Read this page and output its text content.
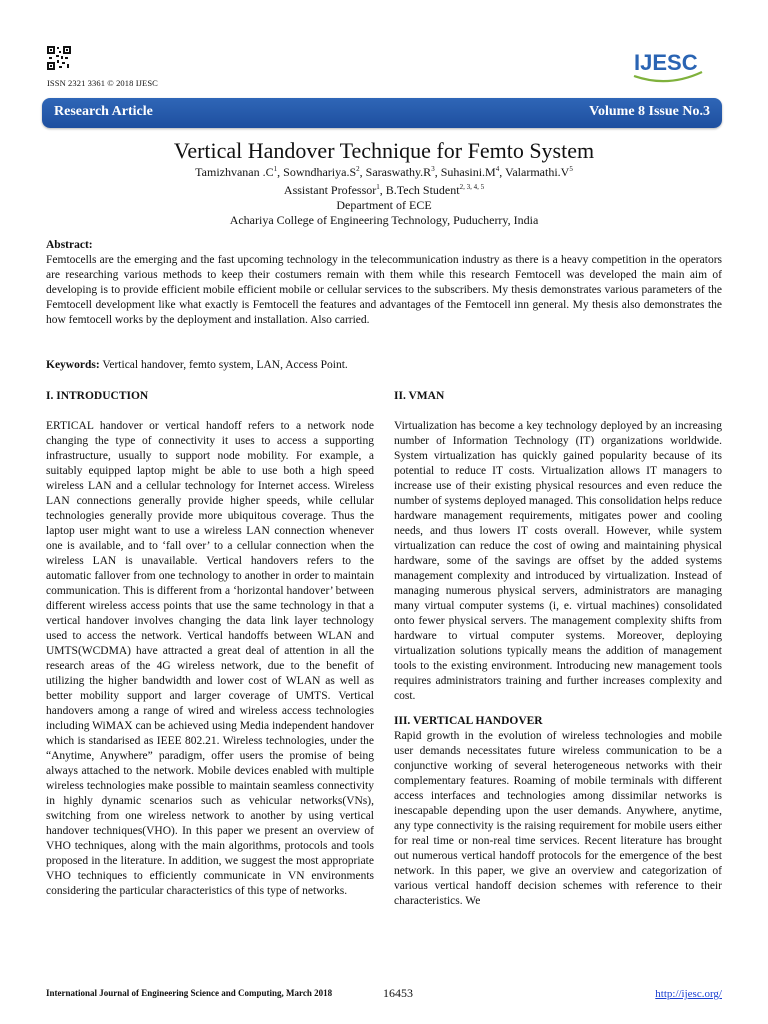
ISSN 2321 3361 © 2018 IJESC
IJESC
Research Article	Volume 8 Issue No.3
Vertical Handover Technique for Femto System
Tamizhvanan $.C^1$, $Sowndhariya.S^2$, $Saraswathy.R^3$, $Suhasini.M^4$, $Valarmathi.V^5$
Assistant Professor$^1$, B.Tech Student$^{2, 3, 4, 5}$
Department of ECE
Achariya College of Engineering Technology, Puducherry, India
Abstract:
Femtocells are the emerging and the fast upcoming technology in the telecommunication industry as there is a heavy competition in the operators are researching various methods to keep their costumers remain with them while this research Femtocell was developed the main aim of developing is to provide efficient mobile efficient mobile or cellular services to the subscribers. My thesis demonstrates various parameters of the Femtocell development like what exactly is Femtocell the features and advantages of the Femtocell inn general. My thesis also demonstrates the how femtocell works by the deployment and installation. Also carried.
Keywords: Vertical handover, femto system, LAN, Access Point.
I. INTRODUCTION

ERTICAL handover or vertical handoff refers to a network node changing the type of connectivity it uses to access a supporting infrastructure, usually to support node mobility. For example, a suitably equipped laptop might be able to use both a high speed wireless LAN and a cellular technology for Internet access. Wireless LAN connections generally provide higher speeds, while cellular technologies generally provide more ubiquitous coverage. Thus the laptop user might want to use a wireless LAN connection whenever one is available, and to ‘fall over’ to a cellular connection when the wireless LAN is unavailable. Vertical handovers refers to the automatic fallover from one technology to another in order to maintain communication. This is different from a ‘horizontal handover’ between different wireless access points that use the same technology in that a vertical handover involves changing the data link layer technology used to access the network. Vertical handoffs between WLAN and UMTS(WCDMA) have attracted a great deal of attention in all the research areas of the 4G wireless network, due to the benefit of utilizing the higher bandwidth and lower cost of WLAN as well as better mobility support and larger coverage of UMTS. Vertical handovers among a range of wired and wireless access technologies including WiMAX can be achieved using Media independent handover which is standarised as IEEE 802.21. Wireless technologies, under the “Anytime, Anywhere” paradigm, offer users the promise of being always attached to the network. Mobile devices enabled with multiple wireless technologies make possible to maintain seamless connectivity in highly dynamic scenarios such as vehicular networks(VNs), switching from one wireless network to another by using vertical handover techniques(VHO). In this paper we present an overview of VHO techniques, along with the main algorithms, protocols and tools proposed in the literature. In addition, we suggest the most appropriate VHO techniques to efficiently communicate in VN environments considering the particular characteristics of this type of networks.

II. VMAN

Virtualization has become a key technology deployed by an increasing number of Information Technology (IT) organizations worldwide. System virtualization has quickly gained popularity because of its potential to reduce IT costs. Virtualization allows IT managers to increase use of their existing physical resources and even reduce the number of systems deployed managed. This consolidation helps reduce hardware management requirements, mitigates power and cooling needs, and thus lowers IT costs overall. However, while system virtualization can reduce the cost of owing and maintaining physical hardware, some of the savings are offset by the added systems management complexity and introduced by virtualization. Instead of managing numerous physical servers, administrators are managing many virtual computer systems (i, e. virtual machines) consolidated onto fewer physical servers. The management complexity shifts from hardware to virtual computer systems. Moreover, deploying virtualization solutions typically means the addition of management tools to the existing environment. Introducing new management tools requires administrators training and further increases complexity and cost.

III. VERTICAL HANDOVER

Rapid growth in the evolution of wireless technologies and mobile user demands necessitates future wireless communication to be a conjunctive working of several heterogeneous networks with their complementary features. Roaming of mobile terminals with different access interfaces and technologies among dissimilar networks is inescapable depending upon the user demands. Anywhere, anytime, any type connectivity is the raising requirement for mobile users either for real time or non-real time services. Recent literature has brought out numerous vertical handoff protocols for the emergence of the best network. In this paper, we give an overview and categorization of various vertical handoff decision schemes with reference to their characteristics. We

International Journal of Engineering Science and Computing, March 2018	16453	http://ijesc.org/
